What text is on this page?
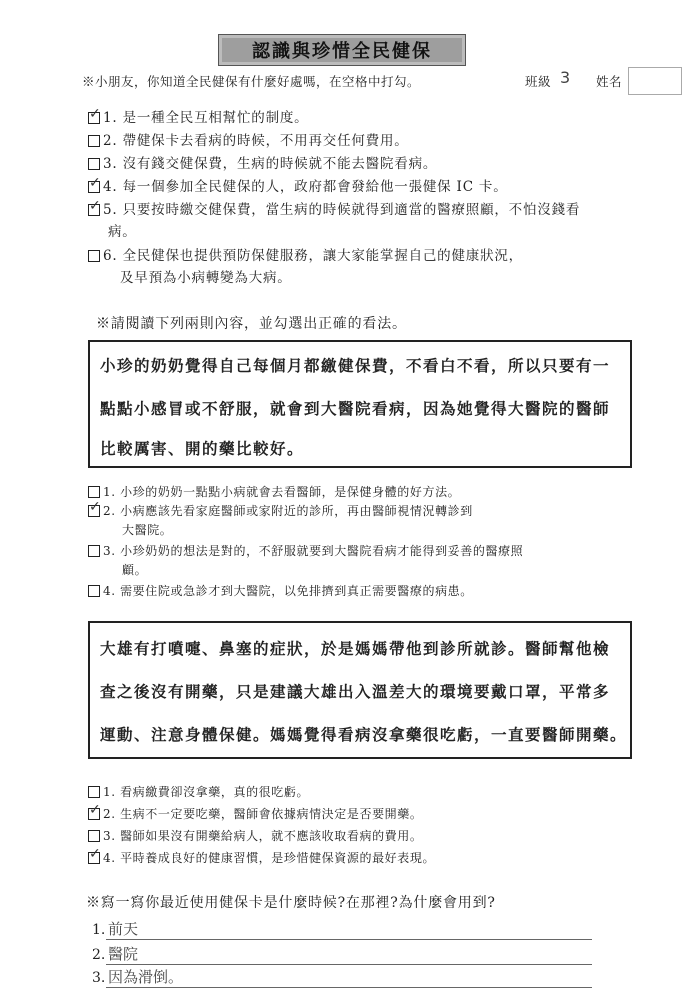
認識與珍惜全民健保
※小朋友，你知道全民健保有什麼好處嗎，在空格中打勾。	班級 3 姓名
✓ 1. 是一種全民互相幫忙的制度。
2. 帶健保卡去看病的時候，不用再交任何費用。
3. 沒有錢交健保費，生病的時候就不能去醫院看病。
✓ 4. 每一個參加全民健保的人，政府都會發給他一張健保 IC 卡。
✓ 5. 只要按時繳交健保費，當生病的時候就得到適當的醫療照顧，不怕沒錢看
病。
6. 全民健保也提供預防保健服務，讓大家能掌握自己的健康狀況，
及早預為小病轉變為大病。
※請閱讀下列兩則內容，並勾選出正確的看法。
小珍的奶奶覺得自己每個月都繳健保費，不看白不看，所以只要有一
點點小感冒或不舒服，就會到大醫院看病，因為她覺得大醫院的醫師
比較厲害、開的藥比較好。
1. 小珍的奶奶一點點小病就會去看醫師，是保健身體的好方法。
✓ 2. 小病應該先看家庭醫師或家附近的診所，再由醫師視情況轉診到
大醫院。
3. 小珍奶奶的想法是對的，不舒服就要到大醫院看病才能得到妥善的醫療照
顧。
4. 需要住院或急診才到大醫院，以免排擠到真正需要醫療的病患。
大雄有打噴嚏、鼻塞的症狀，於是媽媽帶他到診所就診。醫師幫他檢
查之後沒有開藥，只是建議大雄出入溫差大的環境要戴口罩，平常多
運動、注意身體保健。媽媽覺得看病沒拿藥很吃虧，一直要醫師開藥。
1. 看病繳費卻沒拿藥，真的很吃虧。
✓ 2. 生病不一定要吃藥，醫師會依據病情決定是否要開藥。
3. 醫師如果沒有開藥給病人，就不應該收取看病的費用。
✓ 4. 平時養成良好的健康習慣，是珍惜健保資源的最好表現。
※寫一寫你最近使用健保卡是什麼時候?在那裡?為什麼會用到?
1. 前天
2. 醫院
3. 因為滑倒。
